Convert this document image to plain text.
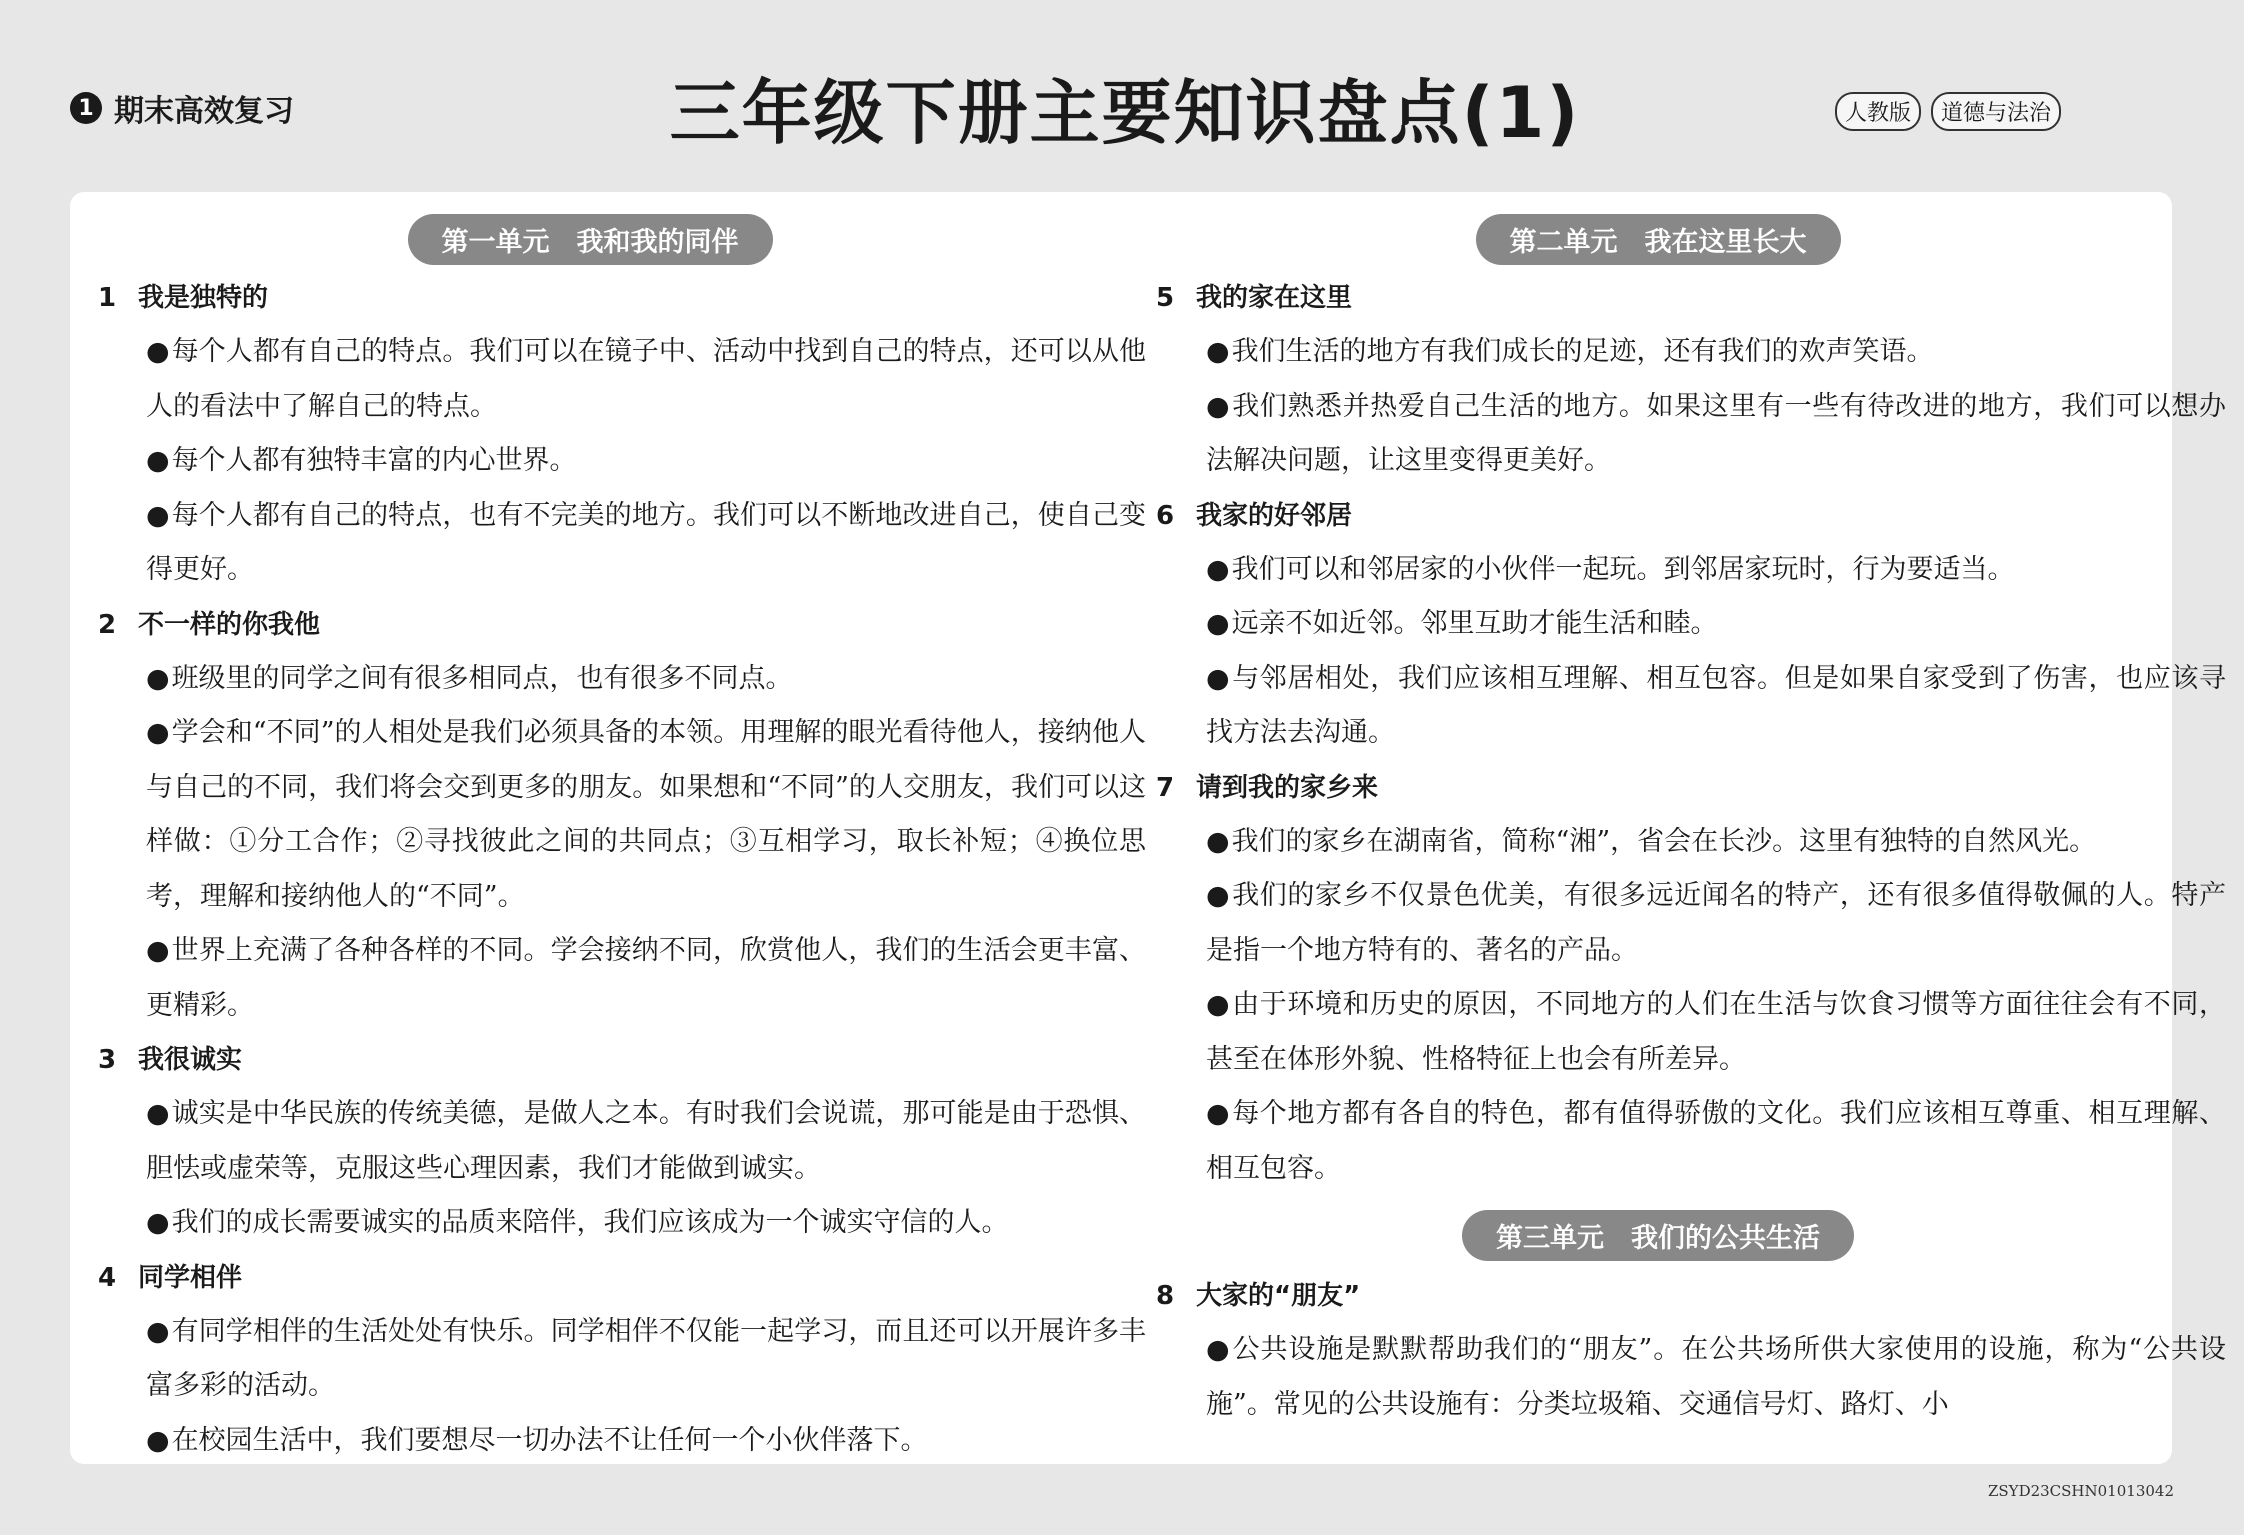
1 期末高效复习	三年级下册主要知识盘点(1)	人教版	道德与法治
第一单元　我和我的同伴
1 我是独特的
●每个人都有自己的特点。我们可以在镜子中、活动中找到自己的特点，还可以从他人的看法中了解自己的特点。
●每个人都有独特丰富的内心世界。
●每个人都有自己的特点，也有不完美的地方。我们可以不断地改进自己，使自己变得更好。
2 不一样的你我他
●班级里的同学之间有很多相同点，也有很多不同点。
●学会和“不同”的人相处是我们必须具备的本领。用理解的眼光看待他人，接纳他人与自己的不同，我们将会交到更多的朋友。如果想和“不同”的人交朋友，我们可以这样做：①分工合作；②寻找彼此之间的共同点；③互相学习，取长补短；④换位思考，理解和接纳他人的“不同”。
●世界上充满了各种各样的不同。学会接纳不同，欣赏他人，我们的生活会更丰富、更精彩。
3 我很诚实
●诚实是中华民族的传统美德，是做人之本。有时我们会说谎，那可能是由于恐惧、胆怯或虚荣等，克服这些心理因素，我们才能做到诚实。
●我们的成长需要诚实的品质来陪伴，我们应该成为一个诚实守信的人。
4 同学相伴
●有同学相伴的生活处处有快乐。同学相伴不仅能一起学习，而且还可以开展许多丰富多彩的活动。
●在校园生活中，我们要想尽一切办法不让任何一个小伙伴落下。
第二单元　我在这里长大
5 我的家在这里
●我们生活的地方有我们成长的足迹，还有我们的欢声笑语。
●我们熟悉并热爱自己生活的地方。如果这里有一些有待改进的地方，我们可以想办法解决问题，让这里变得更美好。
6 我家的好邻居
●我们可以和邻居家的小伙伴一起玩。到邻居家玩时，行为要适当。
●远亲不如近邻。邻里互助才能生活和睦。
●与邻居相处，我们应该相互理解、相互包容。但是如果自家受到了伤害，也应该寻找方法去沟通。
7 请到我的家乡来
●我们的家乡在湖南省，简称“湘”，省会在长沙。这里有独特的自然风光。
●我们的家乡不仅景色优美，有很多远近闻名的特产，还有很多值得敬佩的人。特产是指一个地方特有的、著名的产品。
●由于环境和历史的原因，不同地方的人们在生活与饮食习惯等方面往往会有不同，甚至在体形外貌、性格特征上也会有所差异。
●每个地方都有各自的特色，都有值得骄傲的文化。我们应该相互尊重、相互理解、相互包容。
第三单元　我们的公共生活
8 大家的“朋友”
●公共设施是默默帮助我们的“朋友”。在公共场所供大家使用的设施，称为“公共设施”。常见的公共设施有：分类垃圾箱、交通信号灯、路灯、小
ZSYD23CSHN01013042
